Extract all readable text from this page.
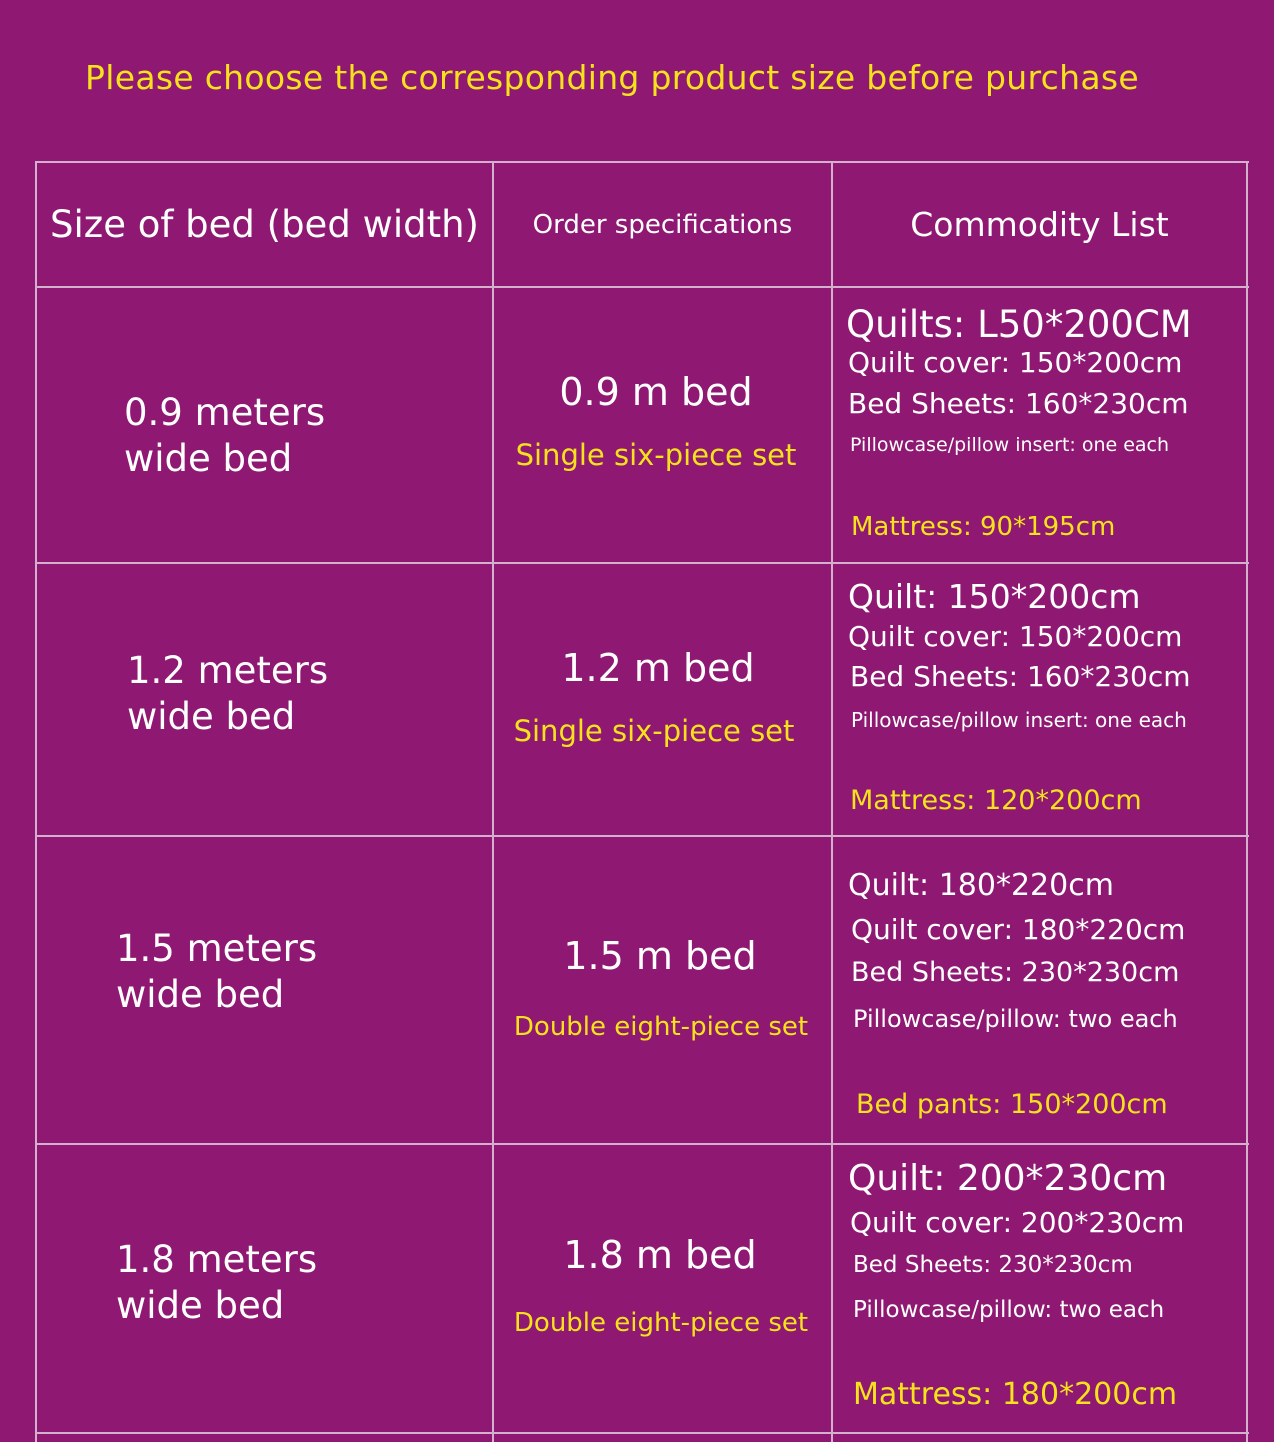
Please choose the corresponding product size before purchase
Size of bed (bed width)	Order specifications	Commodity List
0.9 meters
wide bed
0.9 m bed
Single six-piece set
Quilts: L50*200CM
Quilt cover: 150*200cm
Bed Sheets: 160*230cm
Pillowcase/pillow insert: one each
Mattress: 90*195cm
1.2 meters
wide bed
1.2 m bed
Single six-piece set
Quilt: 150*200cm
Quilt cover: 150*200cm
Bed Sheets: 160*230cm
Pillowcase/pillow insert: one each
Mattress: 120*200cm
1.5 meters
wide bed
1.5 m bed
Double eight-piece set
Quilt: 180*220cm
Quilt cover: 180*220cm
Bed Sheets: 230*230cm
Pillowcase/pillow: two each
Bed pants: 150*200cm
1.8 meters
wide bed
1.8 m bed
Double eight-piece set
Quilt: 200*230cm
Quilt cover: 200*230cm
Bed Sheets: 230*230cm
Pillowcase/pillow: two each
Mattress: 180*200cm
